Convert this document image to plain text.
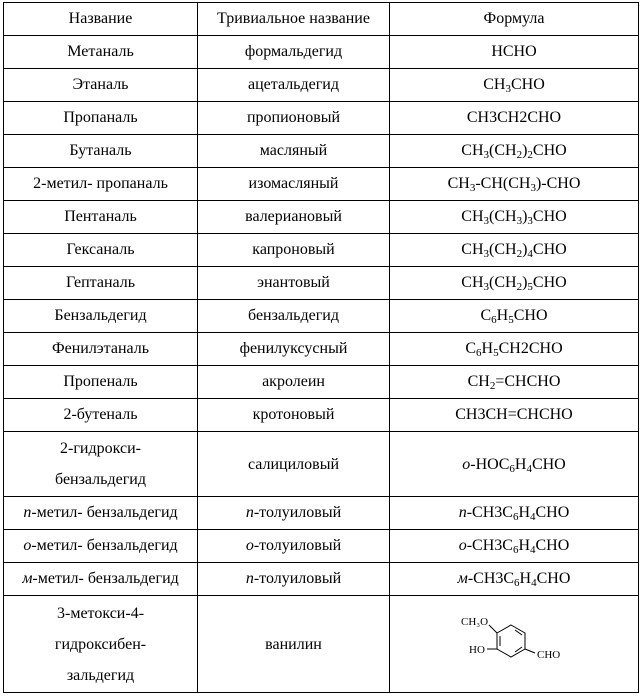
Название	Тривиальное название	Формула
Метаналь	формальдегид	HCHO
Этаналь	ацетальдегид	$CH_3CHO$
Пропаналь	пропионовый	CH3CH2CHO
Бутаналь	масляный	$CH_3(CH_2)_2CHO$
2-метил- пропаналь	изомасляный	$CH_3-CH(CH_3)$-CHO
Пентаналь	валериановый	$CH_3(CH_3)_3CHO$
Гексаналь	капроновый	$CH_3(CH_2)_4CHO$
Гептаналь	энантовый	$CH_3(CH_2)_5CHO$
Бензальдегид	бензальдегид	$C_6H_5CHO$
Фенилэтаналь	фенилуксусный	$C_6H_5CH2CHO$
Пропеналь	акролеин	$CH_2=CHCHO$
2-бутеналь	кротоновый	CH3CH=CHCHO
2-гидрокси-
бензальдегид	салициловый	$о-HOC_6H_4CHO$
п-метил- бензальдегид	п-толуиловый	$п-CH3C_6H_4CHO$
о-метил- бензальдегид	о-толуиловый	$о-CH3C_6H_4CHO$
м-метил- бензальдегид	п-толуиловый	$м-CH3C_6H_4CHO$
3-метокси-4-
гидроксибен-
зальдегид	ванилин	CH₃O
HO CHO
